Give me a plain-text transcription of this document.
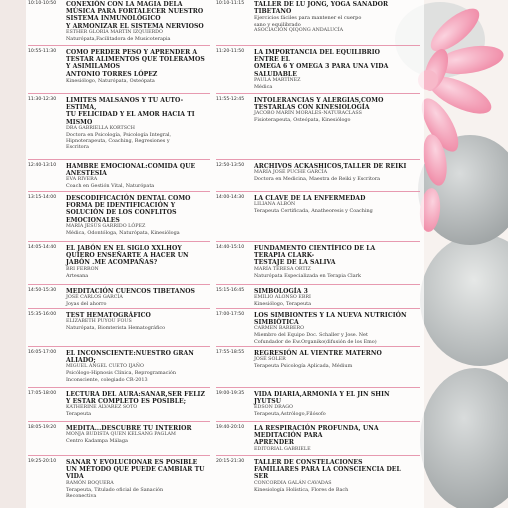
10:10-10:50	CONEXIÓN CON LA MAGIA DELA
MÚSICA PARA FORTALECER NUESTRO
SISTEMA INMUNOLÓGICO
Y ARMONIZAR EL SISTEMA NERVIOSO
ESTHER GLORIA MARTIN IZQUIERDO
Naturópata,Facilitadora de Musicoterapia
10:55-11:30	COMO PERDER PESO Y APRENDER A
TESTAR ALIMENTOS QUE TOLERAMOS
Y ASIMILAMOS
ANTONIO TORRES LÓPEZ
Kinesiólogo, Naturópata, Osteópata
11:30-12:30	LIMITES MALSANOS Y TU AUTO-
ESTIMA,
TU FELICIDAD Y EL AMOR HACIA TI
MISMO
DRA GABRIELLA KORTSCH
Doctora en Psicología, Psicología Integral,
Hipnoterapeuta, Coaching, Regresiones y
Escritora
12:40-13:10	HAMBRE EMOCIONAL:COMIDA QUE
ANESTESIA
EVA RIVERA
Coach en Gestión Vital, Naturópata
13:15-14:00	DESCODIFICACIÓN DENTAL COMO
FORMA DE IDENTIFICACIÓN Y
SOLUCIÓN DE LOS CONFLITOS
EMOCIONALES
MARÍA JESÚS GARRIDO LÓPEZ
Médica, Odontóloga, Naturópata, Kinesióloga
14:05-14:40	EL JABÓN EN EL SIGLO XXI.HOY
QUIERO ENSEÑARTE A HACER UN
JABÓN .ME ACOMPAÑAS?
BRI FERRON
Artesana
14:50-15:30	MEDITACIÓN CUENCOS TIBETANOS
JOSÉ CARLOS GARCÍA
Joyas del ahorro
15:35-16:00	TEST HEMATOGRÁFICO
ELIZABETH PUYOU FOUS
Naturópata, Biomterista Hematográfico
16:05-17:00	EL INCONSCIENTE:NUESTRO GRAN
ALIADO;
MIGUEL ÁNGEL CUETO IJAÑO
Psicólogo-Hipnosis Clínica, Reprogramación
Inconsciente, colegiado CR-2013
17:05-18:00	LECTURA DEL AURA:SANAR,SER FELIZ
Y ESTAR COMPLETO ES POSIBLE;
KATHERINE ÁLVAREZ SOTO
Terapeuta
18:05-19:20	MEDITA...DESCUBRE TU INTERIOR
MONJA BUDISTA QUEN KELSANG PAGLAM
Centro Kadampa Málaga
19:25-20:10	SANAR Y EVOLUCIONAR ES POSIBLE
UN MÉTODO QUE PUEDE CAMBIAR TU
VIDA
RAMÓN BOQUERA
Terapeuta, Titulado oficial de Sanación
Reconectiva
10:10-11:15	TALLER DE LU JONG, YOGA SANADOR
TIBETANO
Ejercicios fáciles para mantener el cuerpo
sano y equilibrado
ASOCIACIÓN QIQONG ANDALUCÍA
11:20-11:50	LA IMPORTANCIA DEL EQUILIBRIO
ENTRE EL
OMEGA 6 Y OMEGA 3 PARA UNA VIDA
SALUDABLE
PAULA MARTÍNEZ
Médica
11:55-12:45	INTOLERANCIAS Y ALERGIAS,COMO
TESTARLAS CON KINESIOLOGÍA
JACOBO MARÍN MORALES-NATURACLASS
Fisioterapeuta, Osteópata, Kinesiólogo
12:50-13:50	ARCHIVOS ACKASHICOS,TALLER DE REIKI
MARÍA JOSÉ PUCHE GARCÍA
Doctora en Medicina, Maestra de Reiki y Escritora
14:00-14:30	LA CLAVE DE LA ENFERMEDAD
LILIANA ALBÓN
Terapeuta Certificada, Anatheoresis y Coaching
14:40-15:10	FUNDAMENTO CIENTÍFICO DE LA
TERAPIA CLARK-
TESTAJE DE LA SALIVA
MARÍA TERESA ORTIZ
Naturópata Especializada en Terapia Clark
15:15-16:45	SIMBOLOGÍA 3
EMILIO ALONSO EBRI
Kinesiólogo, Terapeuta
17:00-17:50	LOS SIMBIONTES Y LA NUEVA NUTRICIÓN
SIMBIÓTICA
CARMEN BARBERO
Miembro del Equipo Doc. Schaller y Jose. Net
Cofundador de Ew.Organiko(difusión de los Emo)
17:55-18:55	REGRESIÓN AL VIENTRE MATERNO
JOSÉ SOLER
Terapeuta Psicología Aplicada, Médium
19:00-19:35	VIDA DIARIA,ARMONÍA Y EL JIN SHIN
JYUTSU
EDSON DRAGO
Terapeuta,Astrólogo,Filósofo
19:40-20:10	LA RESPIRACIÓN PROFUNDA, UNA
MEDITACIÓN PARA
APRENDER
EDITORIAL GABRIELE
20:15-21:30	TALLER DE CONSTELACIONES
FAMILIARES PARA LA CONSCIENCIA DEL
SER
CONCORDIA GALÁN CAVADAS
Kinesiología Holística, Flores de Bach
